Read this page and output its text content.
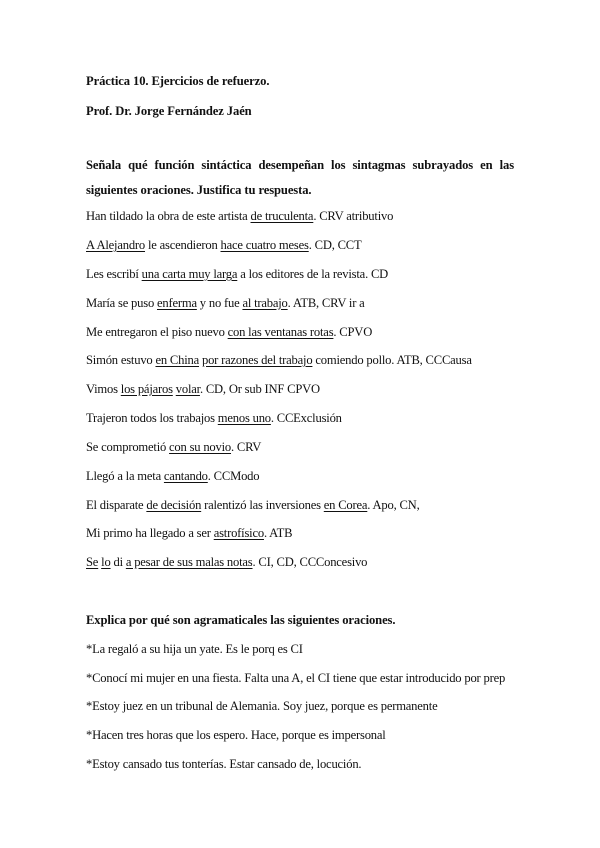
Práctica 10. Ejercicios de refuerzo.
Prof. Dr. Jorge Fernández Jaén
Señala qué función sintáctica desempeñan los sintagmas subrayados en las siguientes oraciones. Justifica tu respuesta.
Han tildado la obra de este artista de truculenta. CRV atributivo
A Alejandro le ascendieron hace cuatro meses. CD, CCT
Les escribí una carta muy larga a los editores de la revista. CD
María se puso enferma y no fue al trabajo. ATB, CRV ir a
Me entregaron el piso nuevo con las ventanas rotas. CPVO
Simón estuvo en China por razones del trabajo comiendo pollo. ATB, CCCausa
Vimos los pájaros volar. CD, Or sub INF CPVO
Trajeron todos los trabajos menos uno. CCExclusión
Se comprometió con su novio. CRV
Llegó a la meta cantando. CCModo
El disparate de decisión ralentizó las inversiones en Corea. Apo, CN,
Mi primo ha llegado a ser astrofísico. ATB
Se lo di a pesar de sus malas notas. CI, CD, CCConcesivo
Explica por qué son agramaticales las siguientes oraciones.
*La regaló a su hija un yate. Es le porq es CI
*Conocí mi mujer en una fiesta. Falta una A, el CI tiene que estar introducido por prep
*Estoy juez en un tribunal de Alemania. Soy juez, porque es permanente
*Hacen tres horas que los espero. Hace, porque es impersonal
*Estoy cansado tus tonterías. Estar cansado de, locución.
